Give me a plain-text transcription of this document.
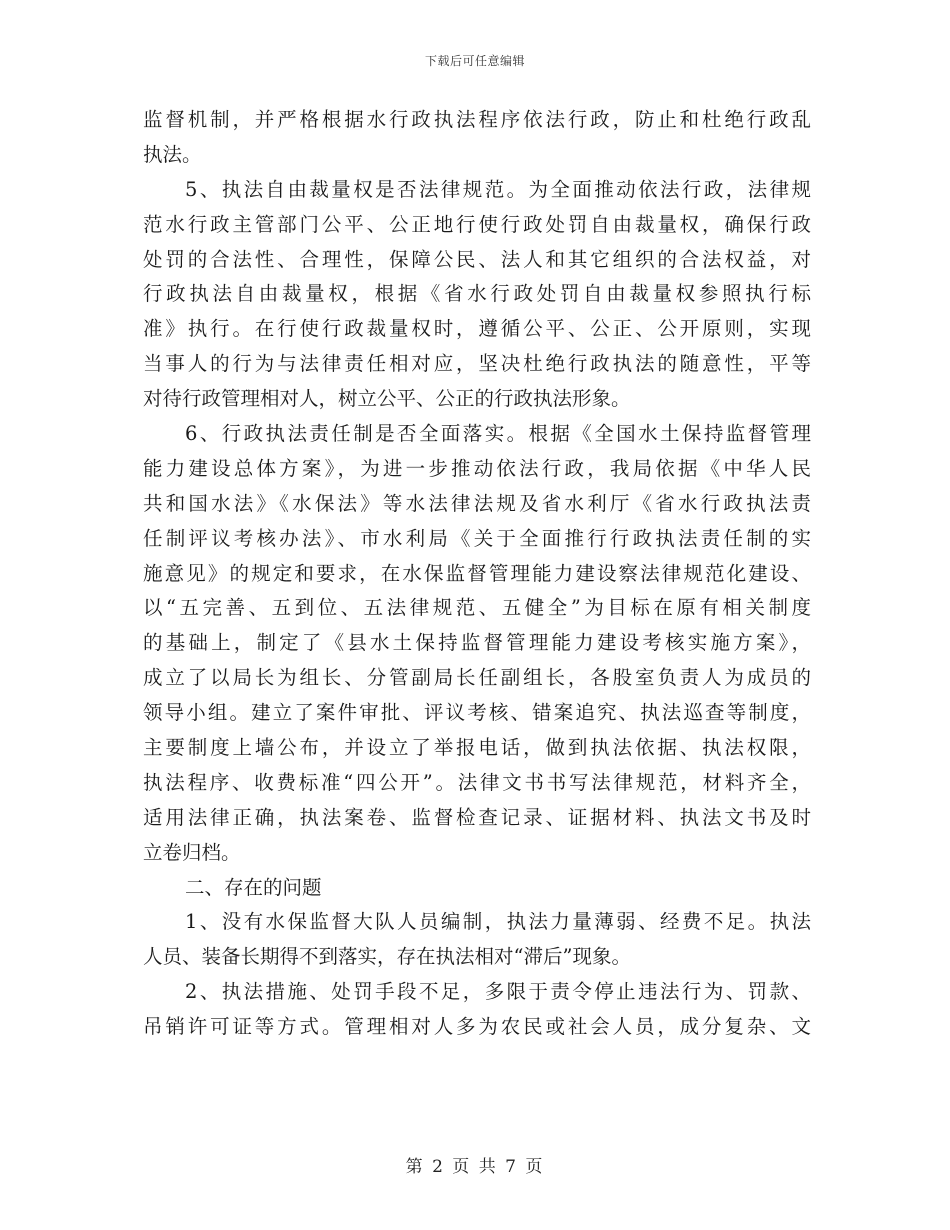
下载后可任意编辑
监督机制，并严格根据水行政执法程序依法行政，防止和杜绝行政乱
执法。
5、执法自由裁量权是否法律规范。为全面推动依法行政，法律规
范水行政主管部门公平、公正地行使行政处罚自由裁量权，确保行政
处罚的合法性、合理性，保障公民、法人和其它组织的合法权益，对
行政执法自由裁量权，根据《省水行政处罚自由裁量权参照执行标
准》执行。在行使行政裁量权时，遵循公平、公正、公开原则，实现
当事人的行为与法律责任相对应，坚决杜绝行政执法的随意性，平等
对待行政管理相对人，树立公平、公正的行政执法形象。
6、行政执法责任制是否全面落实。根据《全国水土保持监督管理
能力建设总体方案》，为进一步推动依法行政，我局依据《中华人民
共和国水法》《水保法》等水法律法规及省水利厅《省水行政执法责
任制评议考核办法》、市水利局《关于全面推行行政执法责任制的实
施意见》的规定和要求，在水保监督管理能力建设察法律规范化建设、
以“五完善、五到位、五法律规范、五健全”为目标在原有相关制度
的基础上，制定了《县水土保持监督管理能力建设考核实施方案》，
成立了以局长为组长、分管副局长任副组长，各股室负责人为成员的
领导小组。建立了案件审批、评议考核、错案追究、执法巡查等制度，
主要制度上墙公布，并设立了举报电话，做到执法依据、执法权限，
执法程序、收费标准“四公开”。法律文书书写法律规范，材料齐全，
适用法律正确，执法案卷、监督检查记录、证据材料、执法文书及时
立卷归档。
二、存在的问题
1、没有水保监督大队人员编制，执法力量薄弱、经费不足。执法
人员、装备长期得不到落实，存在执法相对“滞后”现象。
2、执法措施、处罚手段不足，多限于责令停止违法行为、罚款、
吊销许可证等方式。管理相对人多为农民或社会人员，成分复杂、文
第 2 页 共 7 页
